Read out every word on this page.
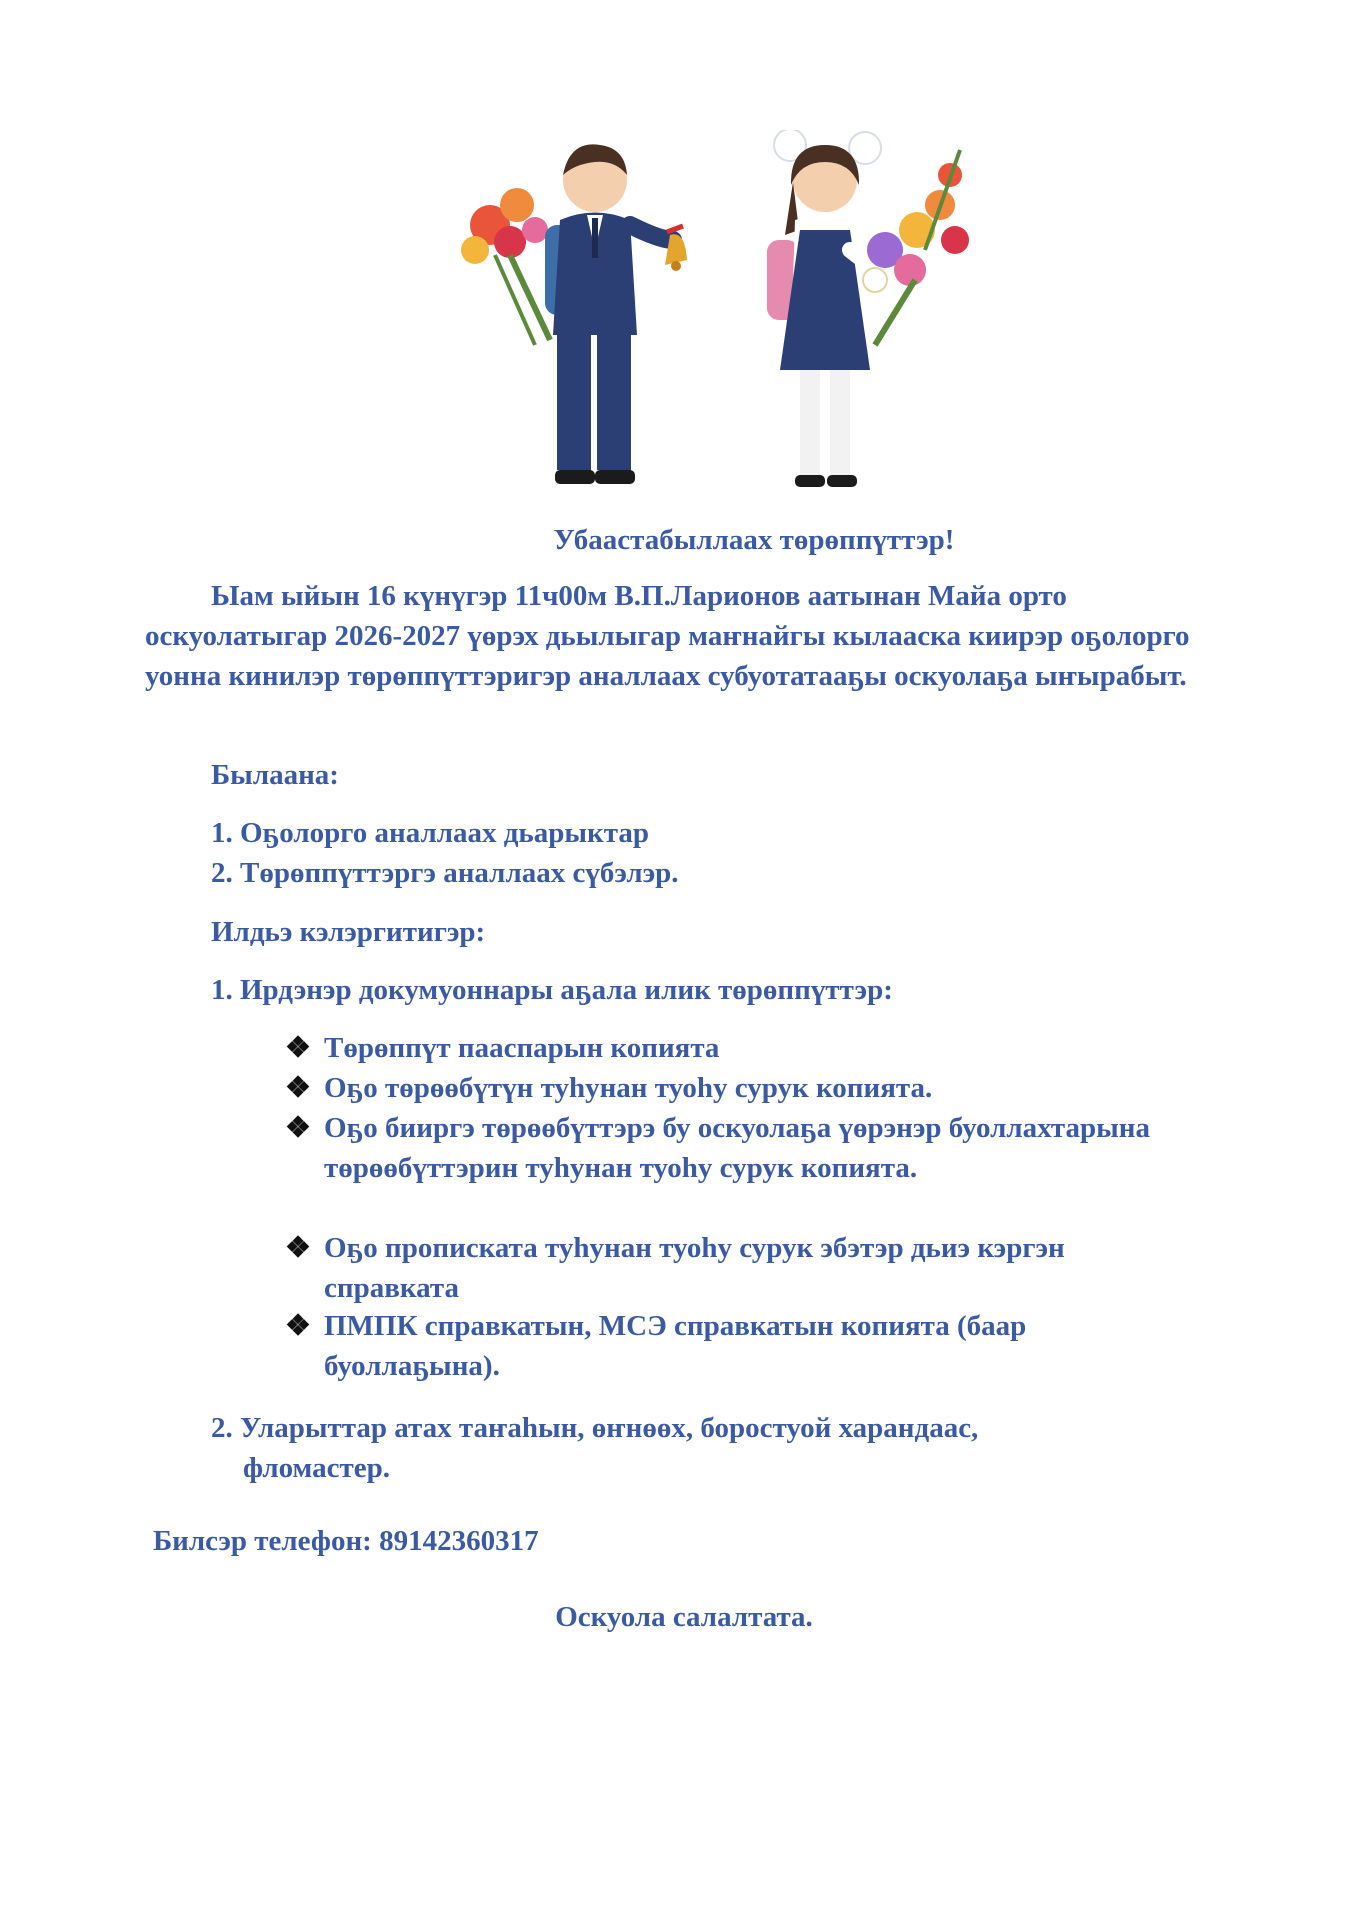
Убаастабыллаах төрөппүттэр!
Ыам ыйын 16 күнүгэр 11ч00м В.П.Ларионов аатынан Майа орто оскуолатыгар 2026-2027 үөрэх дьылыгар маҥнайгы кылааска киирэр оҕолорго уонна кинилэр төрөппүттэригэр аналлаах субуотатааҕы оскуолаҕа ыҥырабыт.
Былаана:
1. Оҕолорго аналлаах дьарыктар
2. Төрөппүттэргэ аналлаах сүбэлэр.
Илдьэ кэлэргитигэр:
1. Ирдэнэр докумуоннары аҕала илик төрөппүттэр:
❖ Төрөппүт пааспарын копията
❖ Оҕо төрөөбүтүн туһунан туоһу сурук копията.
❖ Оҕо бииргэ төрөөбүттэрэ бу оскуолаҕа үөрэнэр буоллахтарына төрөөбүттэрин туһунан туоһу сурук копията.
❖ Оҕо прописката туһунан туоһу сурук эбэтэр дьиэ кэргэн справката
❖ ПМПК справкатын, МСЭ справкатын копията (баар буоллаҕына).
2. Уларыттар атах таҥаһын, өҥнөөх, боростуой харандаас, фломастер.
Билсэр телефон: 89142360317
Оскуола салалтата.
